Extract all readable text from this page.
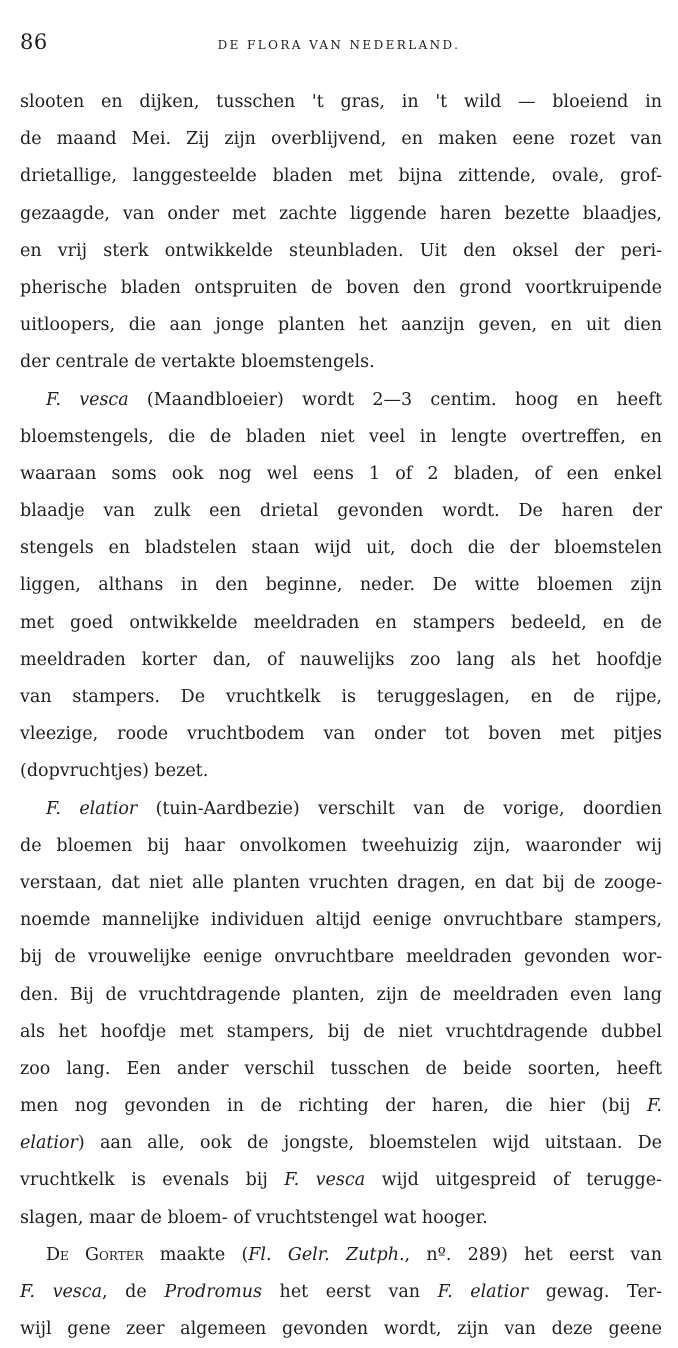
86	DE FLORA VAN NEDERLAND.
slooten en dijken, tusschen 't gras, in 't wild — bloeiend in
de maand Mei. Zij zijn overblijvend, en maken eene rozet van
drietallige, langgesteelde bladen met bijna zittende, ovale, grof-
gezaagde, van onder met zachte liggende haren bezette blaadjes,
en vrij sterk ontwikkelde steunbladen. Uit den oksel der peri-
pherische bladen ontspruiten de boven den grond voortkruipende
uitloopers, die aan jonge planten het aanzijn geven, en uit dien
der centrale de vertakte bloemstengels.
F. vesca (Maandbloeier) wordt 2—3 centim. hoog en heeft
bloemstengels, die de bladen niet veel in lengte overtreffen, en
waaraan soms ook nog wel eens 1 of 2 bladen, of een enkel
blaadje van zulk een drietal gevonden wordt. De haren der
stengels en bladstelen staan wijd uit, doch die der bloemstelen
liggen, althans in den beginne, neder. De witte bloemen zijn
met goed ontwikkelde meeldraden en stampers bedeeld, en de
meeldraden korter dan, of nauwelijks zoo lang als het hoofdje
van stampers. De vruchtkelk is teruggeslagen, en de rijpe,
vleezige, roode vruchtbodem van onder tot boven met pitjes
(dopvruchtjes) bezet.
F. elatior (tuin-Aardbezie) verschilt van de vorige, doordien
de bloemen bij haar onvolkomen tweehuizig zijn, waaronder wij
verstaan, dat niet alle planten vruchten dragen, en dat bij de zooge-
noemde mannelijke individuen altijd eenige onvruchtbare stampers,
bij de vrouwelijke eenige onvruchtbare meeldraden gevonden wor-
den. Bij de vruchtdragende planten, zijn de meeldraden even lang
als het hoofdje met stampers, bij de niet vruchtdragende dubbel
zoo lang. Een ander verschil tusschen de beide soorten, heeft
men nog gevonden in de richting der haren, die hier (bij F.
elatior) aan alle, ook de jongste, bloemstelen wijd uitstaan. De
vruchtkelk is evenals bij F. vesca wijd uitgespreid of terugge-
slagen, maar de bloem- of vruchtstengel wat hooger.
De Gorter maakte (Fl. Gelr. Zutph., nº. 289) het eerst van
F. vesca, de Prodromus het eerst van F. elatior gewag. Ter-
wijl gene zeer algemeen gevonden wordt, zijn van deze geene
